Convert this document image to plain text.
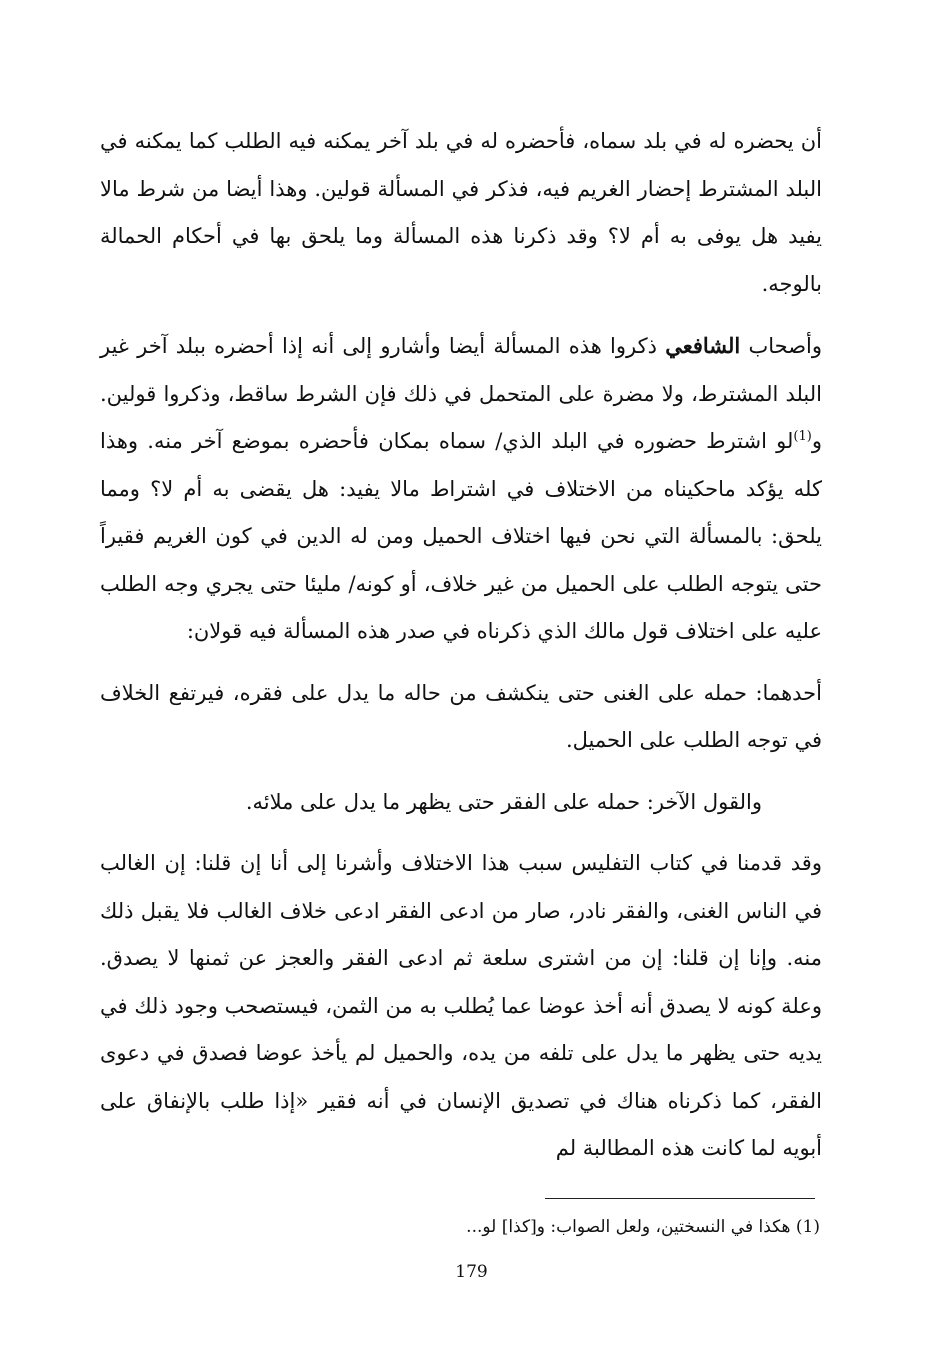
أن يحضره له في بلد سماه، فأحضره له في بلد آخر يمكنه فيه الطلب كما يمكنه في البلد المشترط إحضار الغريم فيه، فذكر في المسألة قولين. وهذا أيضا من شرط مالا يفيد هل يوفى به أم لا؟ وقد ذكرنا هذه المسألة وما يلحق بها في أحكام الحمالة بالوجه.

وأصحاب الشافعي ذكروا هذه المسألة أيضا وأشارو إلى أنه إذا أحضره ببلد آخر غير البلد المشترط، ولا مضرة على المتحمل في ذلك فإن الشرط ساقط، وذكروا قولين. و$^{(1)}$لو اشترط حضوره في البلد الذي/ سماه بمكان فأحضره بموضع آخر منه. وهذا كله يؤكد ماحكيناه من الاختلاف في اشتراط مالا يفيد: هل يقضى به أم لا؟ ومما يلحق: بالمسألة التي نحن فيها اختلاف الحميل ومن له الدين في كون الغريم فقيراً حتى يتوجه الطلب على الحميل من غير خلاف، أو كونه/ مليئا حتى يجري وجه الطلب عليه على اختلاف قول مالك الذي ذكرناه في صدر هذه المسألة فيه قولان:

أحدهما: حمله على الغنى حتى ينكشف من حاله ما يدل على فقره، فيرتفع الخلاف في توجه الطلب على الحميل.

والقول الآخر: حمله على الفقر حتى يظهر ما يدل على ملائه.

وقد قدمنا في كتاب التفليس سبب هذا الاختلاف وأشرنا إلى أنا إن قلنا: إن الغالب في الناس الغنى، والفقر نادر، صار من ادعى الفقر ادعى خلاف الغالب فلا يقبل ذلك منه. وإنا إن قلنا: إن من اشترى سلعة ثم ادعى الفقر والعجز عن ثمنها لا يصدق. وعلة كونه لا يصدق أنه أخذ عوضا عما يُطلب به من الثمن، فيستصحب وجود ذلك في يديه حتى يظهر ما يدل على تلفه من يده، والحميل لم يأخذ عوضا فصدق في دعوى الفقر، كما ذكرناه هناك في تصديق الإنسان في أنه فقير «إذا طلب بالإنفاق على أبويه لما كانت هذه المطالبة لم

(1) هكذا في النسختين، ولعل الصواب: و[كذا] لو...
179
